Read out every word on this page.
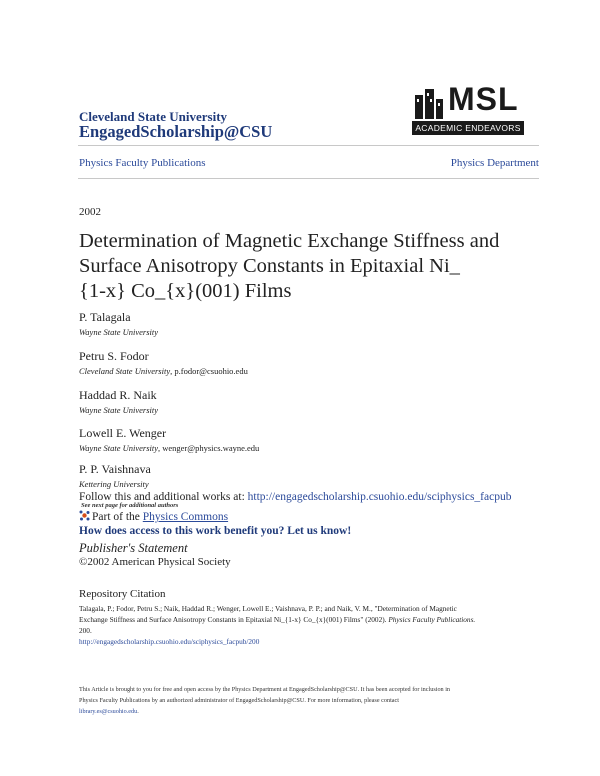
Cleveland State University
EngagedScholarship@CSU
MSL
ACADEMIC ENDEAVORS
Physics Faculty Publications	Physics Department
2002
Determination of Magnetic Exchange Stiffness and
Surface Anisotropy Constants in Epitaxial Ni_
{1-x} Co_{x}(001) Films
P. Talagala
Wayne State University
Petru S. Fodor
Cleveland State University, p.fodor@csuohio.edu
Haddad R. Naik
Wayne State University
Lowell E. Wenger
Wayne State University, wenger@physics.wayne.edu
P. P. Vaishnava
Kettering University
Follow this and additional works at: http://engagedscholarship.csuohio.edu/sciphysics_facpub
See next page for additional authors
Part of the Physics Commons
How does access to this work benefit you? Let us know!
Publisher's Statement
©2002 American Physical Society
Repository Citation
Talagala, P.; Fodor, Petru S.; Naik, Haddad R.; Wenger, Lowell E.; Vaishnava, P. P.; and Naik, V. M., "Determination of Magnetic
Exchange Stiffness and Surface Anisotropy Constants in Epitaxial Ni_{1-x} Co_{x}(001) Films" (2002). Physics Faculty Publications.
200.
http://engagedscholarship.csuohio.edu/sciphysics_facpub/200
This Article is brought to you for free and open access by the Physics Department at EngagedScholarship@CSU. It has been accepted for inclusion in
Physics Faculty Publications by an authorized administrator of EngagedScholarship@CSU. For more information, please contact
library.es@csuohio.edu.
